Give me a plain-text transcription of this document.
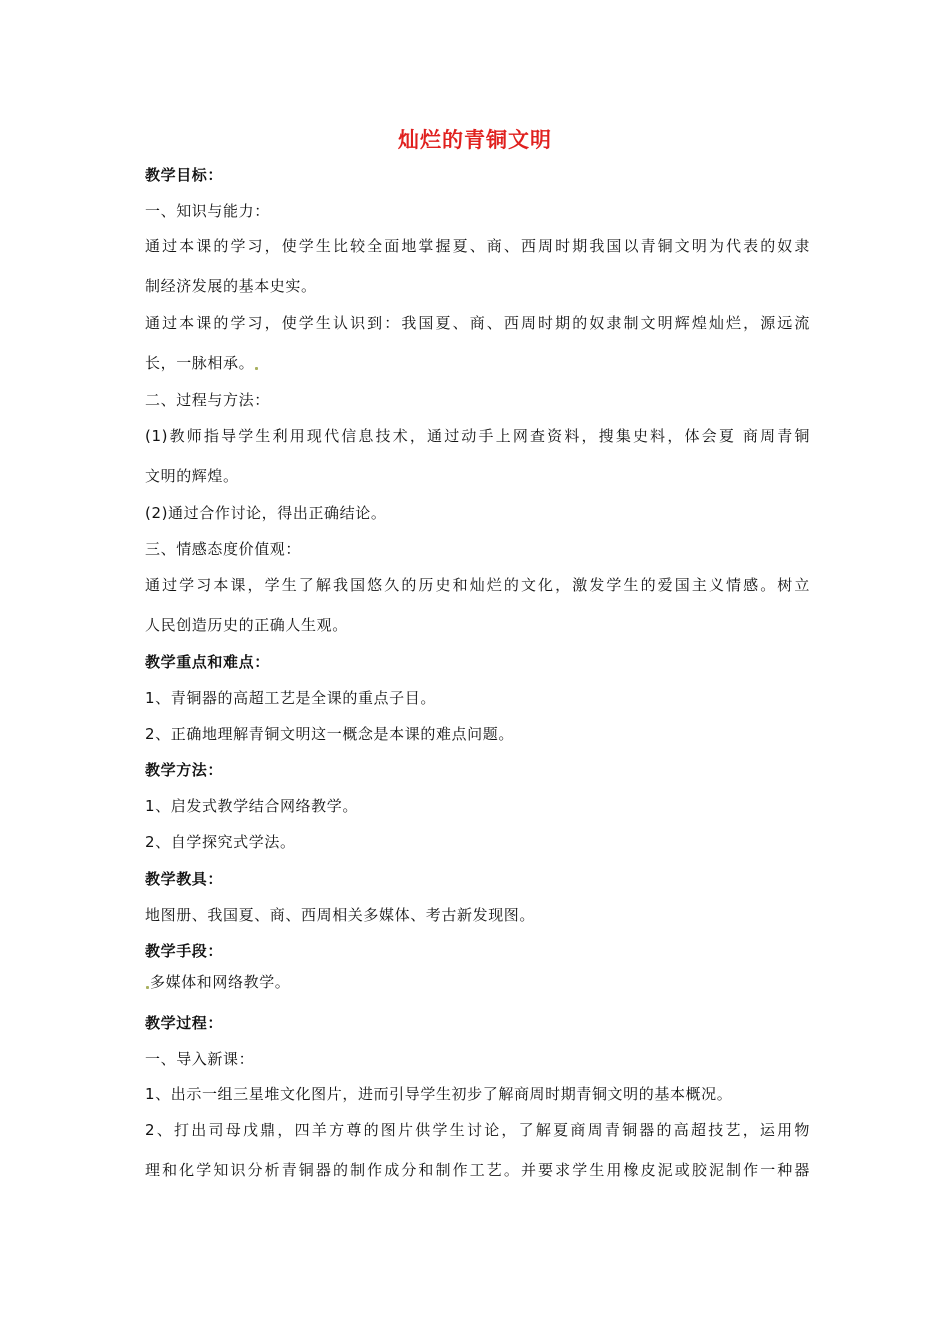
灿烂的青铜文明
教学目标：
一、知识与能力：
通过本课的学习，使学生比较全面地掌握夏、商、西周时期我国以青铜文明为代表的奴隶
制经济发展的基本史实。
通过本课的学习，使学生认识到：我国夏、商、西周时期的奴隶制文明辉煌灿烂，源远流
长，一脉相承。
二、过程与方法：
(1)教师指导学生利用现代信息技术，通过动手上网查资料，搜集史料，体会夏 商周青铜
文明的辉煌。
(2)通过合作讨论，得出正确结论。
三、情感态度价值观：
通过学习本课，学生了解我国悠久的历史和灿烂的文化，激发学生的爱国主义情感。树立
人民创造历史的正确人生观。
教学重点和难点：
1、青铜器的高超工艺是全课的重点子目。
2、正确地理解青铜文明这一概念是本课的难点问题。
教学方法：
1、启发式教学结合网络教学。
2、自学探究式学法。
教学教具：
地图册、我国夏、商、西周相关多媒体、考古新发现图。
教学手段：
多媒体和网络教学。
教学过程：
一、导入新课：
1、出示一组三星堆文化图片，进而引导学生初步了解商周时期青铜文明的基本概况。
2、打出司母戊鼎，四羊方尊的图片供学生讨论，了解夏商周青铜器的高超技艺，运用物
理和化学知识分析青铜器的制作成分和制作工艺。并要求学生用橡皮泥或胶泥制作一种器
